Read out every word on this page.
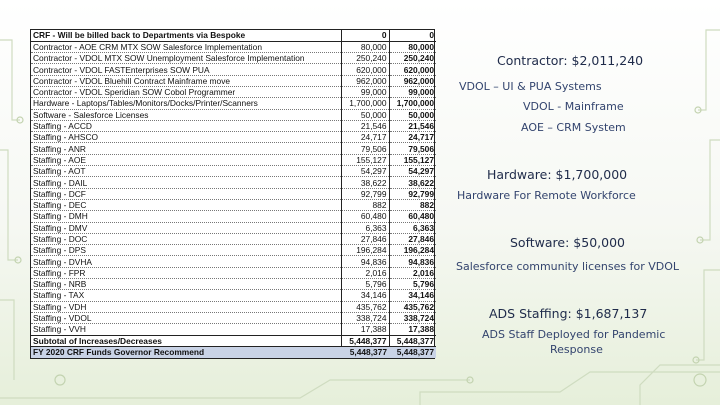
CRF - Will be billed back to Departments via Bespoke	0	0
Contractor - AOE CRM MTX SOW Salesforce Implementation	80,000	80,000
Contractor - VDOL MTX SOW Unemployment Salesforce Implementation	250,240	250,240
Contractor - VDOL FASTEnterprises SOW PUA	620,000	620,000
Contractor - VDOL Bluehill Contract Mainframe move	962,000	962,000
Contractor - VDOL Speridian SOW Cobol Programmer	99,000	99,000
Hardware - Laptops/Tables/Monitors/Docks/Printer/Scanners	1,700,000	1,700,000
Software - Salesforce Licenses	50,000	50,000
Staffing - ACCD	21,546	21,546
Staffing - AHSCO	24,717	24,717
Staffing - ANR	79,506	79,506
Staffing - AOE	155,127	155,127
Staffing - AOT	54,297	54,297
Staffing - DAIL	38,622	38,622
Staffing - DCF	92,799	92,799
Staffing - DEC	882	882
Staffing - DMH	60,480	60,480
Staffing - DMV	6,363	6,363
Staffing - DOC	27,846	27,846
Staffing - DPS	196,284	196,284
Staffing - DVHA	94,836	94,836
Staffing - FPR	2,016	2,016
Staffing - NRB	5,796	5,796
Staffing - TAX	34,146	34,146
Staffing - VDH	435,762	435,762
Staffing - VDOL	338,724	338,724
Staffing - VVH	17,388	17,388
Subtotal of Increases/Decreases	5,448,377	5,448,377
FY 2020 CRF Funds Governor Recommend	5,448,377	5,448,377
Contractor: $2,011,240
VDOL – UI & PUA Systems
VDOL - Mainframe
AOE – CRM System
Hardware: $1,700,000
Hardware For Remote Workforce
Software: $50,000
Salesforce community licenses for VDOL
ADS Staffing: $1,687,137
ADS Staff Deployed for Pandemic
Response
